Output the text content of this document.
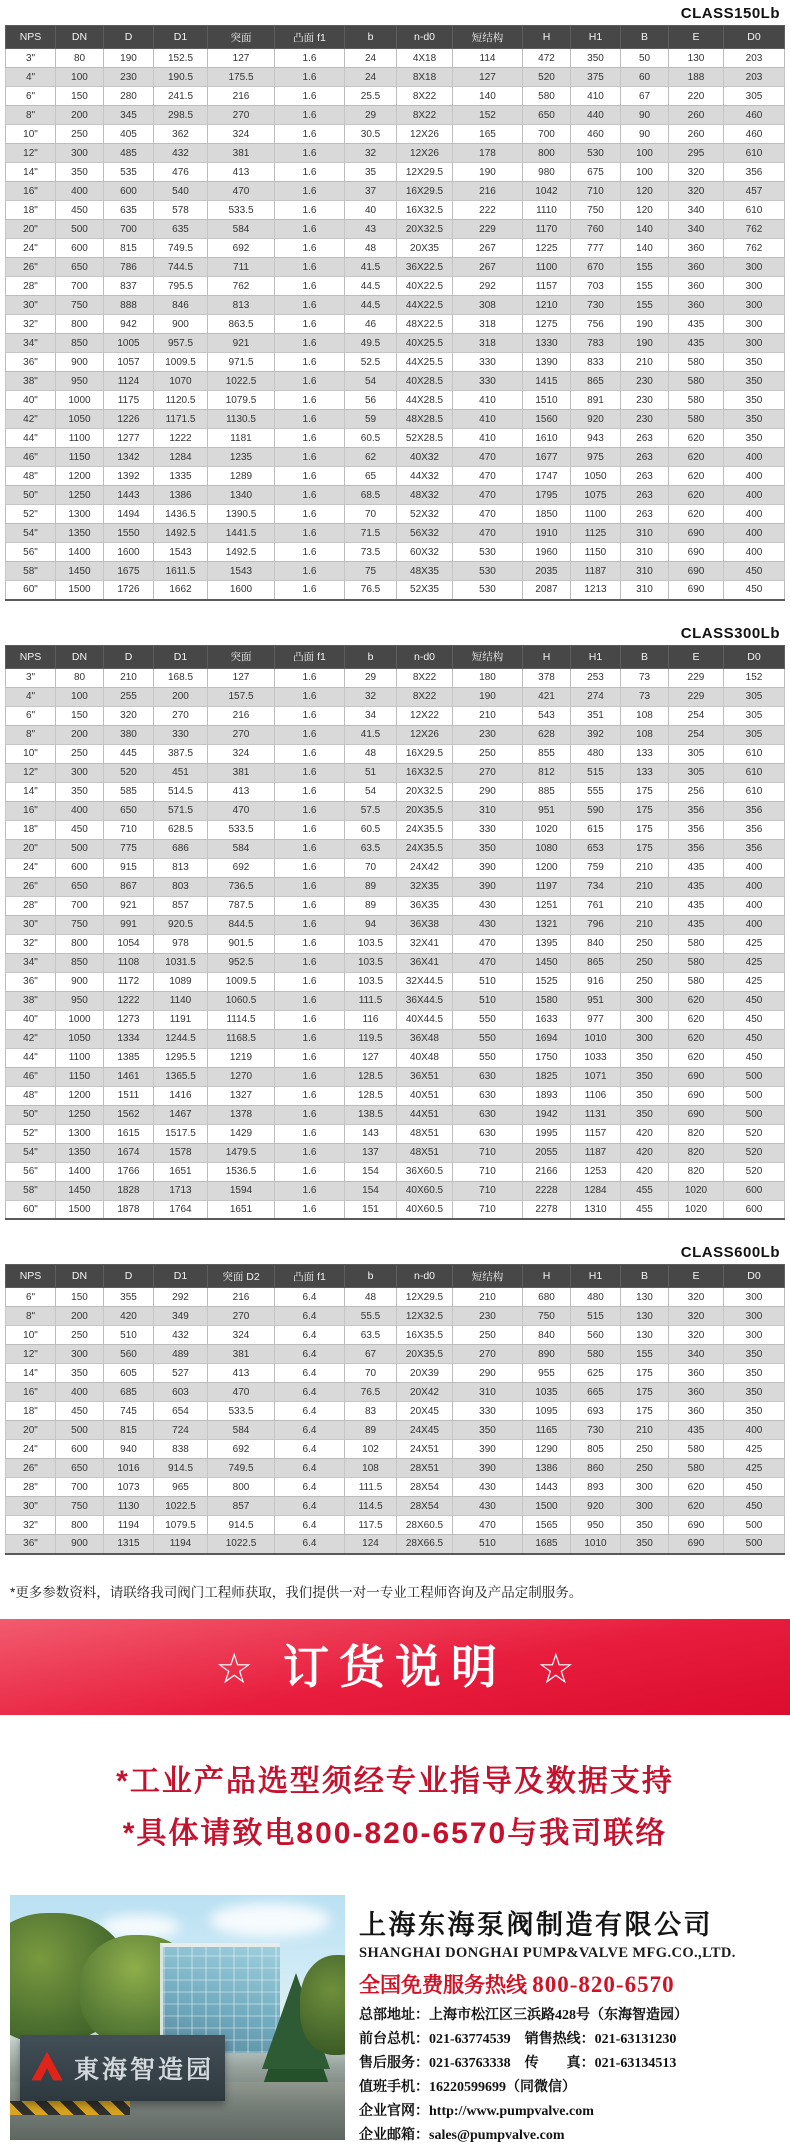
CLASS150Lb
NPS	DN	D	D1	突面	凸面 f1	b	n-d0	短结构	H	H1	B	E	D0
3"	80	190	152.5	127	1.6	24	4X18	114	472	350	50	130	203
4"	100	230	190.5	175.5	1.6	24	8X18	127	520	375	60	188	203
6"	150	280	241.5	216	1.6	25.5	8X22	140	580	410	67	220	305
8"	200	345	298.5	270	1.6	29	8X22	152	650	440	90	260	460
10"	250	405	362	324	1.6	30.5	12X26	165	700	460	90	260	460
12"	300	485	432	381	1.6	32	12X26	178	800	530	100	295	610
14"	350	535	476	413	1.6	35	12X29.5	190	980	675	100	320	356
16"	400	600	540	470	1.6	37	16X29.5	216	1042	710	120	320	457
18"	450	635	578	533.5	1.6	40	16X32.5	222	1110	750	120	340	610
20"	500	700	635	584	1.6	43	20X32.5	229	1170	760	140	340	762
24"	600	815	749.5	692	1.6	48	20X35	267	1225	777	140	360	762
26"	650	786	744.5	711	1.6	41.5	36X22.5	267	1100	670	155	360	300
28"	700	837	795.5	762	1.6	44.5	40X22.5	292	1157	703	155	360	300
30"	750	888	846	813	1.6	44.5	44X22.5	308	1210	730	155	360	300
32"	800	942	900	863.5	1.6	46	48X22.5	318	1275	756	190	435	300
34"	850	1005	957.5	921	1.6	49.5	40X25.5	318	1330	783	190	435	300
36"	900	1057	1009.5	971.5	1.6	52.5	44X25.5	330	1390	833	210	580	350
38"	950	1124	1070	1022.5	1.6	54	40X28.5	330	1415	865	230	580	350
40"	1000	1175	1120.5	1079.5	1.6	56	44X28.5	410	1510	891	230	580	350
42"	1050	1226	1171.5	1130.5	1.6	59	48X28.5	410	1560	920	230	580	350
44"	1100	1277	1222	1181	1.6	60.5	52X28.5	410	1610	943	263	620	350
46"	1150	1342	1284	1235	1.6	62	40X32	470	1677	975	263	620	400
48"	1200	1392	1335	1289	1.6	65	44X32	470	1747	1050	263	620	400
50"	1250	1443	1386	1340	1.6	68.5	48X32	470	1795	1075	263	620	400
52"	1300	1494	1436.5	1390.5	1.6	70	52X32	470	1850	1100	263	620	400
54"	1350	1550	1492.5	1441.5	1.6	71.5	56X32	470	1910	1125	310	690	400
56"	1400	1600	1543	1492.5	1.6	73.5	60X32	530	1960	1150	310	690	400
58"	1450	1675	1611.5	1543	1.6	75	48X35	530	2035	1187	310	690	450
60"	1500	1726	1662	1600	1.6	76.5	52X35	530	2087	1213	310	690	450
CLASS300Lb
NPS	DN	D	D1	突面	凸面 f1	b	n-d0	短结构	H	H1	B	E	D0
3"	80	210	168.5	127	1.6	29	8X22	180	378	253	73	229	152
4"	100	255	200	157.5	1.6	32	8X22	190	421	274	73	229	305
6"	150	320	270	216	1.6	34	12X22	210	543	351	108	254	305
8"	200	380	330	270	1.6	41.5	12X26	230	628	392	108	254	305
10"	250	445	387.5	324	1.6	48	16X29.5	250	855	480	133	305	610
12"	300	520	451	381	1.6	51	16X32.5	270	812	515	133	305	610
14"	350	585	514.5	413	1.6	54	20X32.5	290	885	555	175	256	610
16"	400	650	571.5	470	1.6	57.5	20X35.5	310	951	590	175	356	356
18"	450	710	628.5	533.5	1.6	60.5	24X35.5	330	1020	615	175	356	356
20"	500	775	686	584	1.6	63.5	24X35.5	350	1080	653	175	356	356
24"	600	915	813	692	1.6	70	24X42	390	1200	759	210	435	400
26"	650	867	803	736.5	1.6	89	32X35	390	1197	734	210	435	400
28"	700	921	857	787.5	1.6	89	36X35	430	1251	761	210	435	400
30"	750	991	920.5	844.5	1.6	94	36X38	430	1321	796	210	435	400
32"	800	1054	978	901.5	1.6	103.5	32X41	470	1395	840	250	580	425
34"	850	1108	1031.5	952.5	1.6	103.5	36X41	470	1450	865	250	580	425
36"	900	1172	1089	1009.5	1.6	103.5	32X44.5	510	1525	916	250	580	425
38"	950	1222	1140	1060.5	1.6	111.5	36X44.5	510	1580	951	300	620	450
40"	1000	1273	1191	1114.5	1.6	116	40X44.5	550	1633	977	300	620	450
42"	1050	1334	1244.5	1168.5	1.6	119.5	36X48	550	1694	1010	300	620	450
44"	1100	1385	1295.5	1219	1.6	127	40X48	550	1750	1033	350	620	450
46"	1150	1461	1365.5	1270	1.6	128.5	36X51	630	1825	1071	350	690	500
48"	1200	1511	1416	1327	1.6	128.5	40X51	630	1893	1106	350	690	500
50"	1250	1562	1467	1378	1.6	138.5	44X51	630	1942	1131	350	690	500
52"	1300	1615	1517.5	1429	1.6	143	48X51	630	1995	1157	420	820	520
54"	1350	1674	1578	1479.5	1.6	137	48X51	710	2055	1187	420	820	520
56"	1400	1766	1651	1536.5	1.6	154	36X60.5	710	2166	1253	420	820	520
58"	1450	1828	1713	1594	1.6	154	40X60.5	710	2228	1284	455	1020	600
60"	1500	1878	1764	1651	1.6	151	40X60.5	710	2278	1310	455	1020	600
CLASS600Lb
NPS	DN	D	D1	突面 D2	凸面 f1	b	n-d0	短结构	H	H1	B	E	D0
6"	150	355	292	216	6.4	48	12X29.5	210	680	480	130	320	300
8"	200	420	349	270	6.4	55.5	12X32.5	230	750	515	130	320	300
10"	250	510	432	324	6.4	63.5	16X35.5	250	840	560	130	320	300
12"	300	560	489	381	6.4	67	20X35.5	270	890	580	155	340	350
14"	350	605	527	413	6.4	70	20X39	290	955	625	175	360	350
16"	400	685	603	470	6.4	76.5	20X42	310	1035	665	175	360	350
18"	450	745	654	533.5	6.4	83	20X45	330	1095	693	175	360	350
20"	500	815	724	584	6.4	89	24X45	350	1165	730	210	435	400
24"	600	940	838	692	6.4	102	24X51	390	1290	805	250	580	425
26"	650	1016	914.5	749.5	6.4	108	28X51	390	1386	860	250	580	425
28"	700	1073	965	800	6.4	111.5	28X54	430	1443	893	300	620	450
30"	750	1130	1022.5	857	6.4	114.5	28X54	430	1500	920	300	620	450
32"	800	1194	1079.5	914.5	6.4	117.5	28X60.5	470	1565	950	350	690	500
36"	900	1315	1194	1022.5	6.4	124	28X66.5	510	1685	1010	350	690	500
*更多参数资料，请联络我司阀门工程师获取，我们提供一对一专业工程师咨询及产品定制服务。
☆ 订货说明 ☆
*工业产品选型须经专业指导及数据支持
*具体请致电800-820-6570与我司联络
東海智造园
上海东海泵阀制造有限公司
SHANGHAI DONGHAI PUMP&VALVE MFG.CO.,LTD.
全国免费服务热线 800-820-6570
总部地址：上海市松江区三浜路428号（东海智造园）
前台总机：021-63774539　销售热线：021-63131230
售后服务：021-63763338　传　　真：021-63134513
值班手机：16220599699（同微信）
企业官网：http://www.pumpvalve.com
企业邮箱：sales@pumpvalve.com
